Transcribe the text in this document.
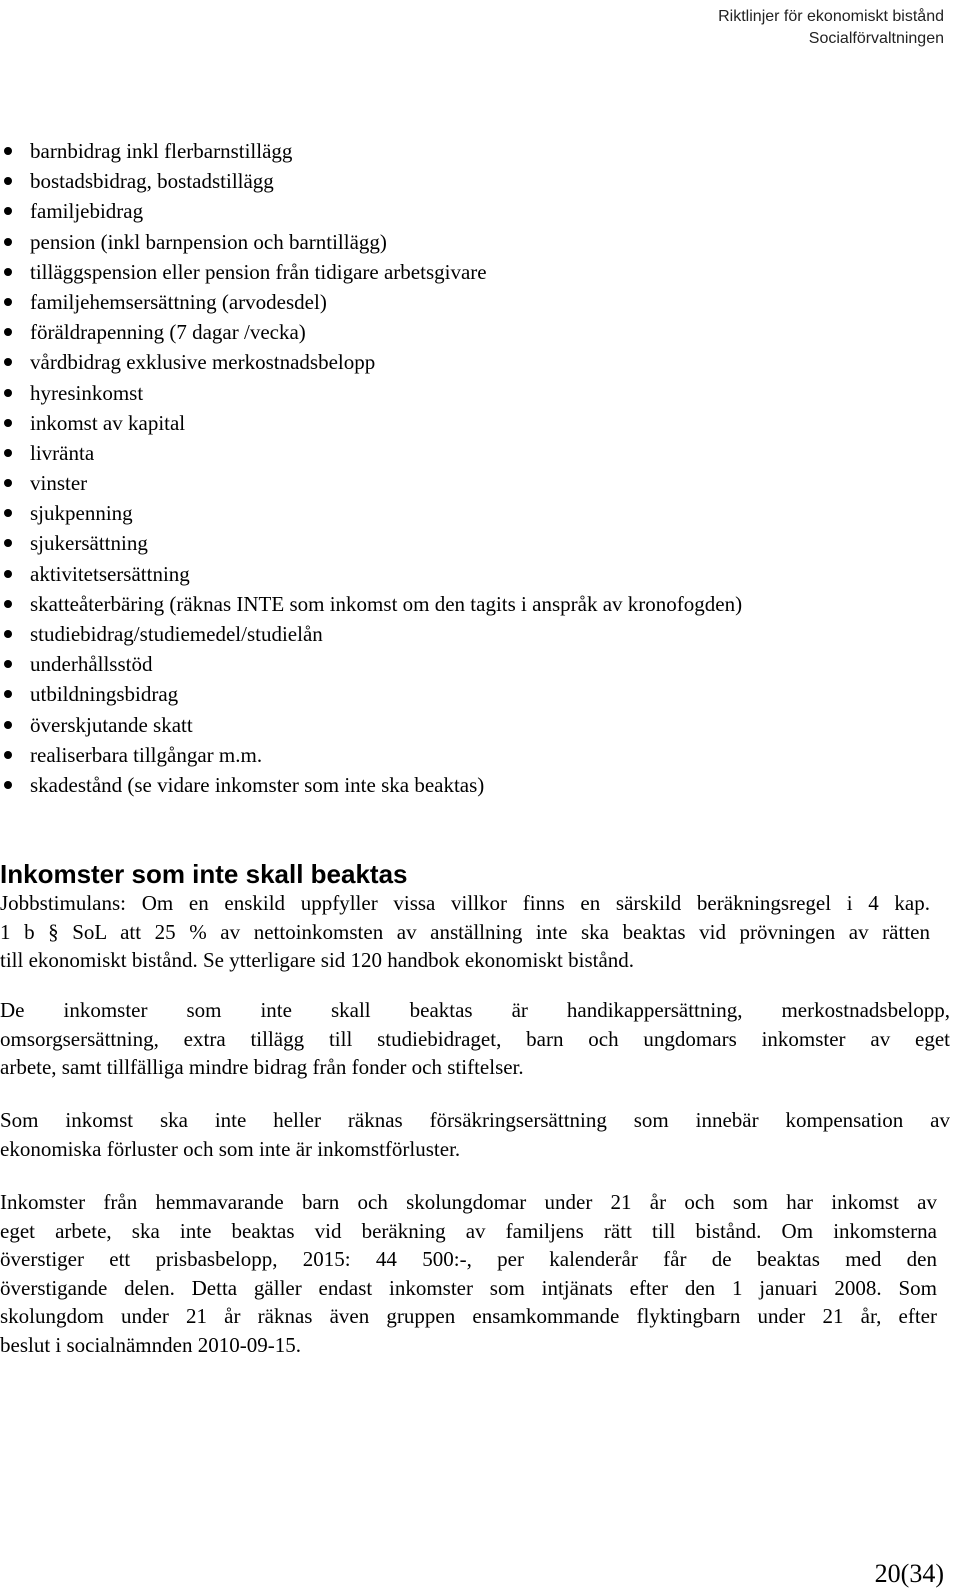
Riktlinjer för ekonomiskt bistånd
Socialförvaltningen
barnbidrag inkl flerbarnstillägg
bostadsbidrag, bostadstillägg
familjebidrag
pension (inkl barnpension och barntillägg)
tilläggspension eller pension från tidigare arbetsgivare
familjehemsersättning (arvodesdel)
föräldrapenning (7 dagar /vecka)
vårdbidrag exklusive merkostnadsbelopp
hyresinkomst
inkomst av kapital
livränta
vinster
sjukpenning
sjukersättning
aktivitetsersättning
skatteåterbäring (räknas INTE som inkomst om den tagits i anspråk av kronofogden)
studiebidrag/studiemedel/studielån
underhållsstöd
utbildningsbidrag
överskjutande skatt
realiserbara tillgångar m.m.
skadestånd (se vidare inkomster som inte ska beaktas)
Inkomster som inte skall beaktas
Jobbstimulans: Om en enskild uppfyller vissa villkor finns en särskild beräkningsregel i 4 kap.
1 b § SoL att 25 % av nettoinkomsten av anställning inte ska beaktas vid prövningen av rätten
till ekonomiskt bistånd. Se ytterligare sid 120 handbok ekonomiskt bistånd.
De inkomster som inte skall beaktas är handikappersättning, merkostnadsbelopp,
omsorgsersättning, extra tillägg till studiebidraget, barn och ungdomars inkomster av eget
arbete, samt tillfälliga mindre bidrag från fonder och stiftelser.
Som inkomst ska inte heller räknas försäkringsersättning som innebär kompensation av
ekonomiska förluster och som inte är inkomstförluster.
Inkomster från hemmavarande barn och skolungdomar under 21 år och som har inkomst av
eget arbete, ska inte beaktas vid beräkning av familjens rätt till bistånd. Om inkomsterna
överstiger ett prisbasbelopp, 2015: 44 500:-, per kalenderår får de beaktas med den
överstigande delen. Detta gäller endast inkomster som intjänats efter den 1 januari 2008. Som
skolungdom under 21 år räknas även gruppen ensamkommande flyktingbarn under 21 år, efter
beslut i socialnämnden 2010-09-15.
20(34)
